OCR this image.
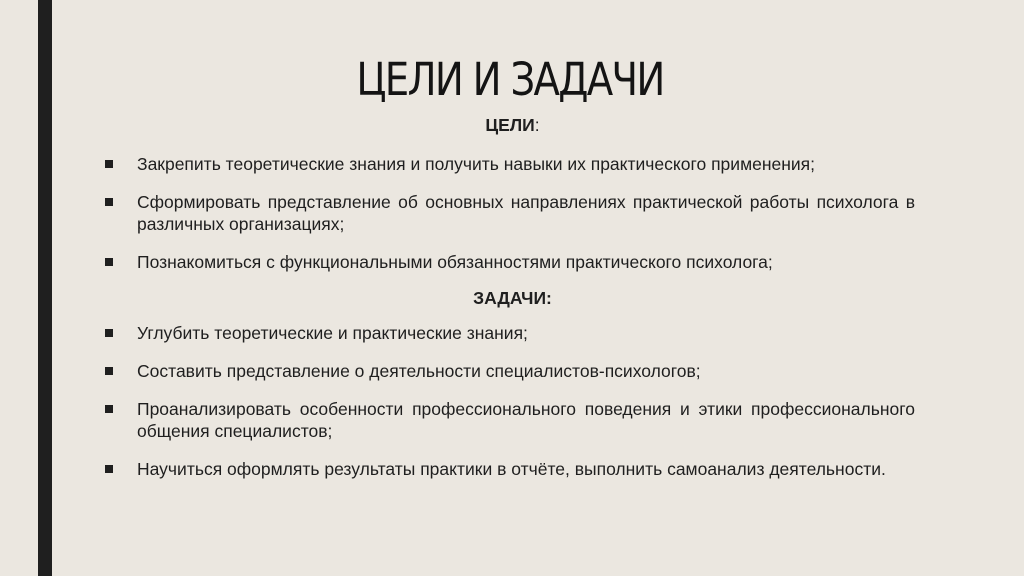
ЦЕЛИ И ЗАДАЧИ
ЦЕЛИ:
Закрепить теоретические знания и получить навыки их практического применения;
Сформировать представление об основных направлениях практической работы психолога в различных организациях;
Познакомиться с функциональными обязанностями практического психолога;
ЗАДАЧИ:
Углубить теоретические и практические знания;
Составить представление о деятельности специалистов-психологов;
Проанализировать особенности профессионального поведения и этики профессионального общения специалистов;
Научиться оформлять результаты практики в отчёте, выполнить самоанализ деятельности.
